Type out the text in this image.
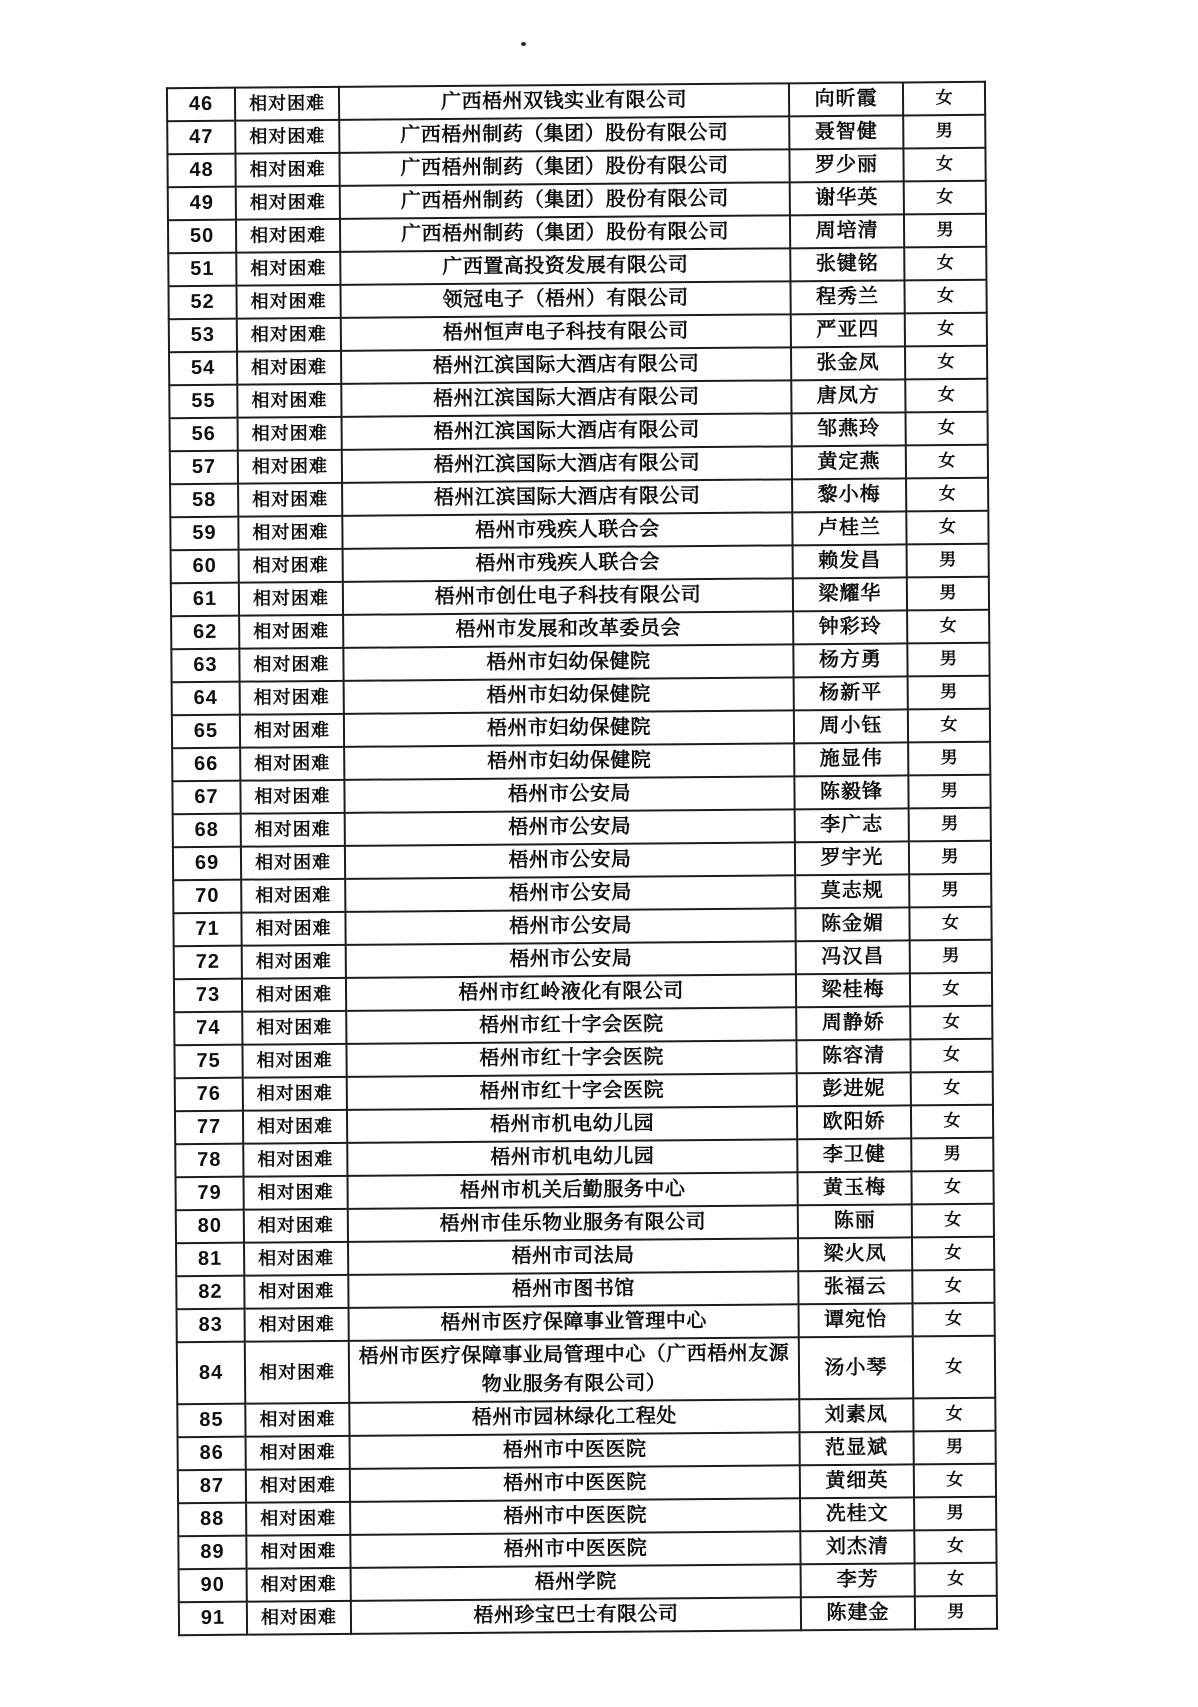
46	相对困难	广西梧州双钱实业有限公司	向昕霞	女
47	相对困难	广西梧州制药（集团）股份有限公司	聂智健	男
48	相对困难	广西梧州制药（集团）股份有限公司	罗少丽	女
49	相对困难	广西梧州制药（集团）股份有限公司	谢华英	女
50	相对困难	广西梧州制药（集团）股份有限公司	周培清	男
51	相对困难	广西置高投资发展有限公司	张键铭	女
52	相对困难	领冠电子（梧州）有限公司	程秀兰	女
53	相对困难	梧州恒声电子科技有限公司	严亚四	女
54	相对困难	梧州江滨国际大酒店有限公司	张金凤	女
55	相对困难	梧州江滨国际大酒店有限公司	唐凤方	女
56	相对困难	梧州江滨国际大酒店有限公司	邹燕玲	女
57	相对困难	梧州江滨国际大酒店有限公司	黄定燕	女
58	相对困难	梧州江滨国际大酒店有限公司	黎小梅	女
59	相对困难	梧州市残疾人联合会	卢桂兰	女
60	相对困难	梧州市残疾人联合会	赖发昌	男
61	相对困难	梧州市创仕电子科技有限公司	梁耀华	男
62	相对困难	梧州市发展和改革委员会	钟彩玲	女
63	相对困难	梧州市妇幼保健院	杨方勇	男
64	相对困难	梧州市妇幼保健院	杨新平	男
65	相对困难	梧州市妇幼保健院	周小钰	女
66	相对困难	梧州市妇幼保健院	施显伟	男
67	相对困难	梧州市公安局	陈毅锋	男
68	相对困难	梧州市公安局	李广志	男
69	相对困难	梧州市公安局	罗宇光	男
70	相对困难	梧州市公安局	莫志规	男
71	相对困难	梧州市公安局	陈金媚	女
72	相对困难	梧州市公安局	冯汉昌	男
73	相对困难	梧州市红岭液化有限公司	梁桂梅	女
74	相对困难	梧州市红十字会医院	周静娇	女
75	相对困难	梧州市红十字会医院	陈容清	女
76	相对困难	梧州市红十字会医院	彭进妮	女
77	相对困难	梧州市机电幼儿园	欧阳娇	女
78	相对困难	梧州市机电幼儿园	李卫健	男
79	相对困难	梧州市机关后勤服务中心	黄玉梅	女
80	相对困难	梧州市佳乐物业服务有限公司	陈丽	女
81	相对困难	梧州市司法局	梁火凤	女
82	相对困难	梧州市图书馆	张福云	女
83	相对困难	梧州市医疗保障事业管理中心	谭宛怡	女
84	相对困难	梧州市医疗保障事业局管理中心（广西梧州友源物业服务有限公司）	汤小琴	女
85	相对困难	梧州市园林绿化工程处	刘素凤	女
86	相对困难	梧州市中医医院	范显斌	男
87	相对困难	梧州市中医医院	黄细英	女
88	相对困难	梧州市中医医院	冼桂文	男
89	相对困难	梧州市中医医院	刘杰清	女
90	相对困难	梧州学院	李芳	女
91	相对困难	梧州珍宝巴士有限公司	陈建金	男
